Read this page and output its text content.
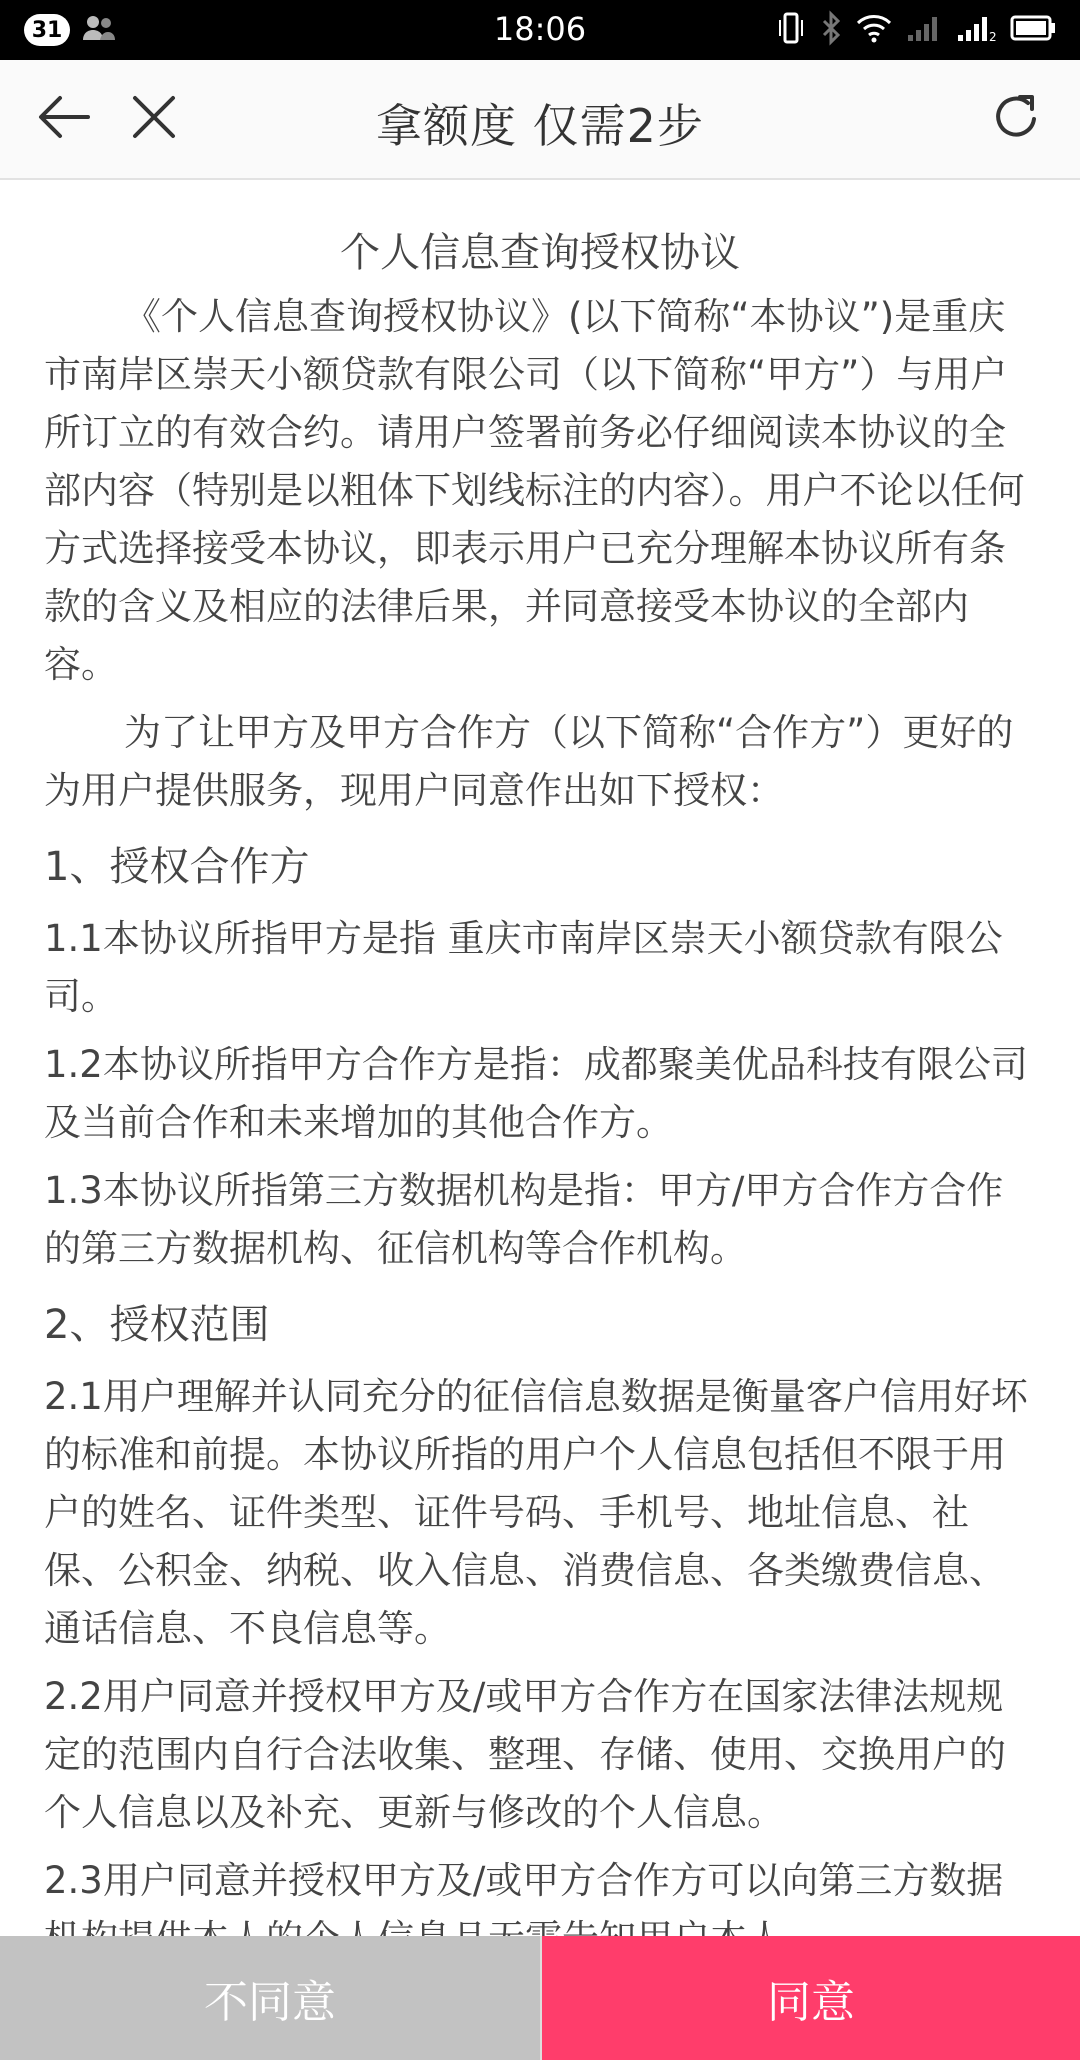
31	18:06	2
拿额度 仅需2步
个人信息查询授权协议

《个人信息查询授权协议》(以下简称“本协议”)是重庆市南岸区崇天小额贷款有限公司（以下简称“甲方”）与用户所订立的有效合约。请用户签署前务必仔细阅读本协议的全部内容（特别是以粗体下划线标注的内容）。用户不论以任何方式选择接受本协议，即表示用户已充分理解本协议所有条款的含义及相应的法律后果，并同意接受本协议的全部内容。

为了让甲方及甲方合作方（以下简称“合作方”）更好的为用户提供服务，现用户同意作出如下授权：

1、授权合作方

1.1本协议所指甲方是指 重庆市南岸区崇天小额贷款有限公司。

1.2本协议所指甲方合作方是指：成都聚美优品科技有限公司及当前合作和未来增加的其他合作方。

1.3本协议所指第三方数据机构是指：甲方/甲方合作方合作的第三方数据机构、征信机构等合作机构。

2、授权范围

2.1用户理解并认同充分的征信信息数据是衡量客户信用好坏的标准和前提。本协议所指的用户个人信息包括但不限于用户的姓名、证件类型、证件号码、手机号、地址信息、社保、公积金、纳税、收入信息、消费信息、各类缴费信息、通话信息、不良信息等。

2.2用户同意并授权甲方及/或甲方合作方在国家法律法规规定的范围内自行合法收集、整理、存储、使用、交换用户的个人信息以及补充、更新与修改的个人信息。

2.3用户同意并授权甲方及/或甲方合作方可以向第三方数据

不同意	同意
